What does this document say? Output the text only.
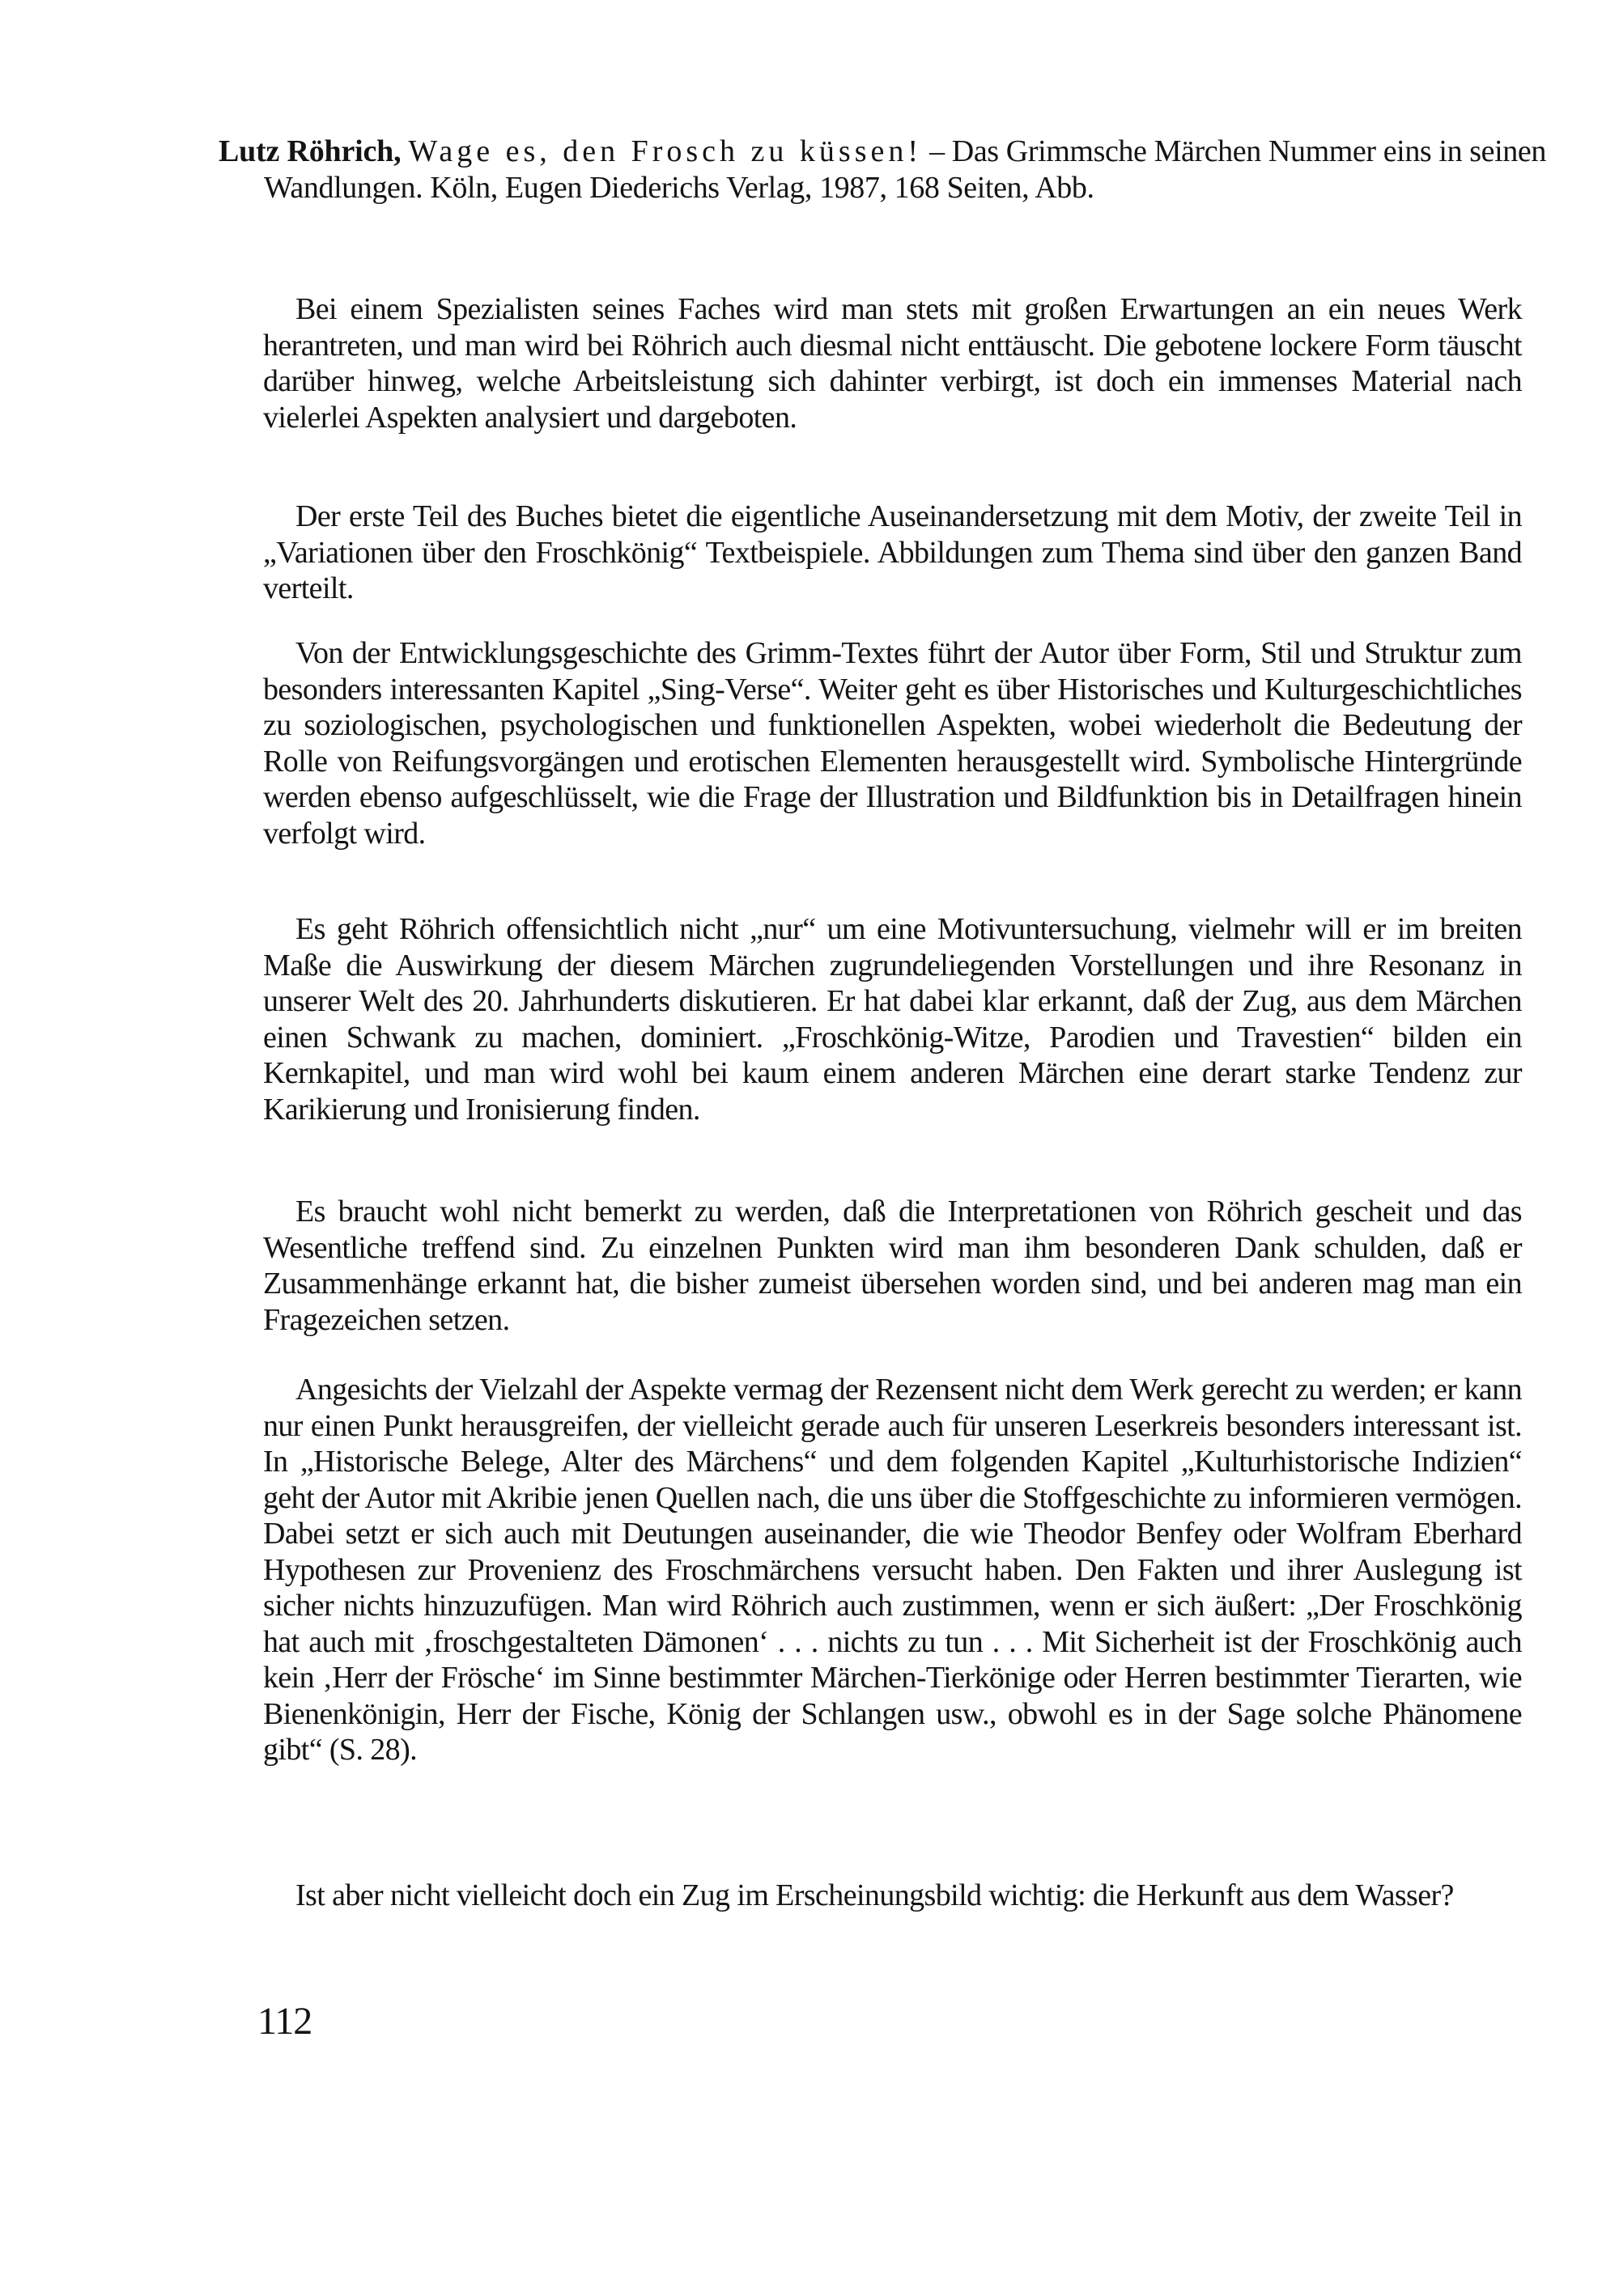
Lutz Röhrich, Wage es, den Frosch zu küssen! – Das Grimmsche Märchen Nummer eins in seinen Wandlungen. Köln, Eugen Diederichs Verlag, 1987, 168 Seiten, Abb.

Bei einem Spezialisten seines Faches wird man stets mit großen Erwartungen an ein neues Werk herantreten, und man wird bei Röhrich auch diesmal nicht enttäuscht. Die gebotene lockere Form täuscht darüber hinweg, welche Arbeitsleistung sich dahinter verbirgt, ist doch ein immenses Material nach vielerlei Aspekten analysiert und dargeboten.

Der erste Teil des Buches bietet die eigentliche Auseinandersetzung mit dem Motiv, der zweite Teil in „Variationen über den Froschkönig“ Textbeispiele. Abbildungen zum Thema sind über den ganzen Band verteilt.

Von der Entwicklungsgeschichte des Grimm-Textes führt der Autor über Form, Stil und Struktur zum besonders interessanten Kapitel „Sing-Verse“. Weiter geht es über Historisches und Kulturgeschichtliches zu soziologischen, psychologischen und funktionellen Aspekten, wobei wiederholt die Bedeutung der Rolle von Reifungsvorgängen und erotischen Elementen herausgestellt wird. Symbolische Hintergründe werden ebenso aufgeschlüsselt, wie die Frage der Illustration und Bildfunktion bis in Detailfragen hinein verfolgt wird.

Es geht Röhrich offensichtlich nicht „nur“ um eine Motivuntersuchung, vielmehr will er im breiten Maße die Auswirkung der diesem Märchen zugrundeliegenden Vorstellungen und ihre Resonanz in unserer Welt des 20. Jahrhunderts diskutieren. Er hat dabei klar erkannt, daß der Zug, aus dem Märchen einen Schwank zu machen, dominiert. „Froschkönig-Witze, Parodien und Travestien“ bilden ein Kernkapitel, und man wird wohl bei kaum einem anderen Märchen eine derart starke Tendenz zur Karikierung und Ironisierung finden.

Es braucht wohl nicht bemerkt zu werden, daß die Interpretationen von Röhrich gescheit und das Wesentliche treffend sind. Zu einzelnen Punkten wird man ihm besonderen Dank schulden, daß er Zusammenhänge erkannt hat, die bisher zumeist übersehen worden sind, und bei anderen mag man ein Fragezeichen setzen.

Angesichts der Vielzahl der Aspekte vermag der Rezensent nicht dem Werk gerecht zu werden; er kann nur einen Punkt herausgreifen, der vielleicht gerade auch für unseren Leserkreis besonders interessant ist. In „Historische Belege, Alter des Märchens“ und dem folgenden Kapitel „Kulturhistorische Indizien“ geht der Autor mit Akribie jenen Quellen nach, die uns über die Stoffgeschichte zu informieren vermögen. Dabei setzt er sich auch mit Deutungen auseinander, die wie Theodor Benfey oder Wolfram Eberhard Hypothesen zur Provenienz des Froschmärchens versucht haben. Den Fakten und ihrer Auslegung ist sicher nichts hinzuzufügen. Man wird Röhrich auch zustimmen, wenn er sich äußert: „Der Froschkönig hat auch mit ‚froschgestalteten Dämonen‘ . . . nichts zu tun . . . Mit Sicherheit ist der Froschkönig auch kein ‚Herr der Frösche‘ im Sinne bestimmter Märchen-Tierkönige oder Herren bestimmter Tierarten, wie Bienenkönigin, Herr der Fische, König der Schlangen usw., obwohl es in der Sage solche Phänomene gibt“ (S. 28).

Ist aber nicht vielleicht doch ein Zug im Erscheinungsbild wichtig: die Herkunft aus dem Wasser?

112
